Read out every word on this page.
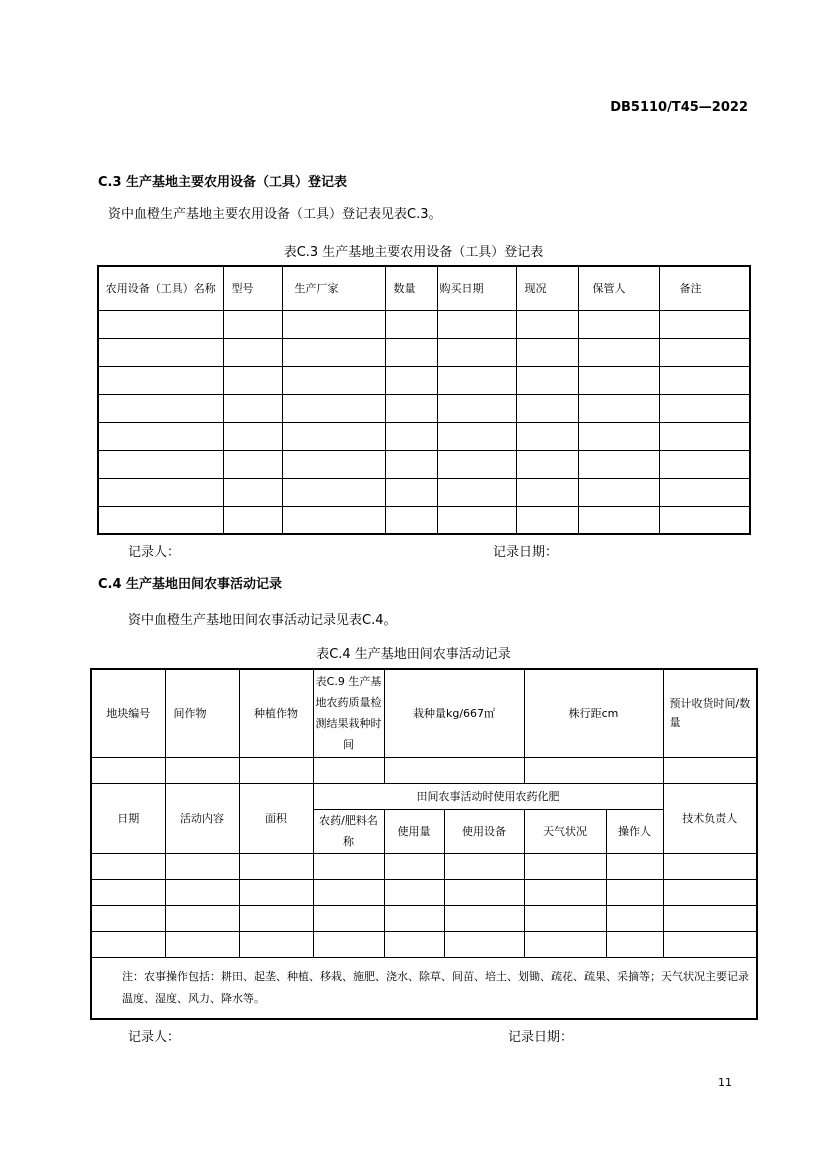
DB5110/T45—2022
C.3 生产基地主要农用设备（工具）登记表
资中血橙生产基地主要农用设备（工具）登记表见表C.3。
表C.3 生产基地主要农用设备（工具）登记表
农用设备（工具）名称	型号	生产厂家	数量	购买日期	现况	保管人	备注

记录人：	记录日期：
C.4 生产基地田间农事活动记录
资中血橙生产基地田间农事活动记录见表C.4。
表C.4 生产基地田间农事活动记录
地块编号	间作物	种植作物	表C.9 生产基地农药质量检测结果栽种时间	栽种量kg/667㎡		株行距cm		预计收货时间/数量

日期	活动内容	面积	田间农事活动时使用农药化肥					技术负责人
			农药/肥料名称	使用量	使用设备	天气状况	操作人	

注：农事操作包括：耕田、起垄、种植、移栽、施肥、浇水、除草、间苗、培土、划锄、疏花、疏果、采摘等；天气状况主要记录温度、湿度、风力、降水等。								
记录人：	记录日期：
11
